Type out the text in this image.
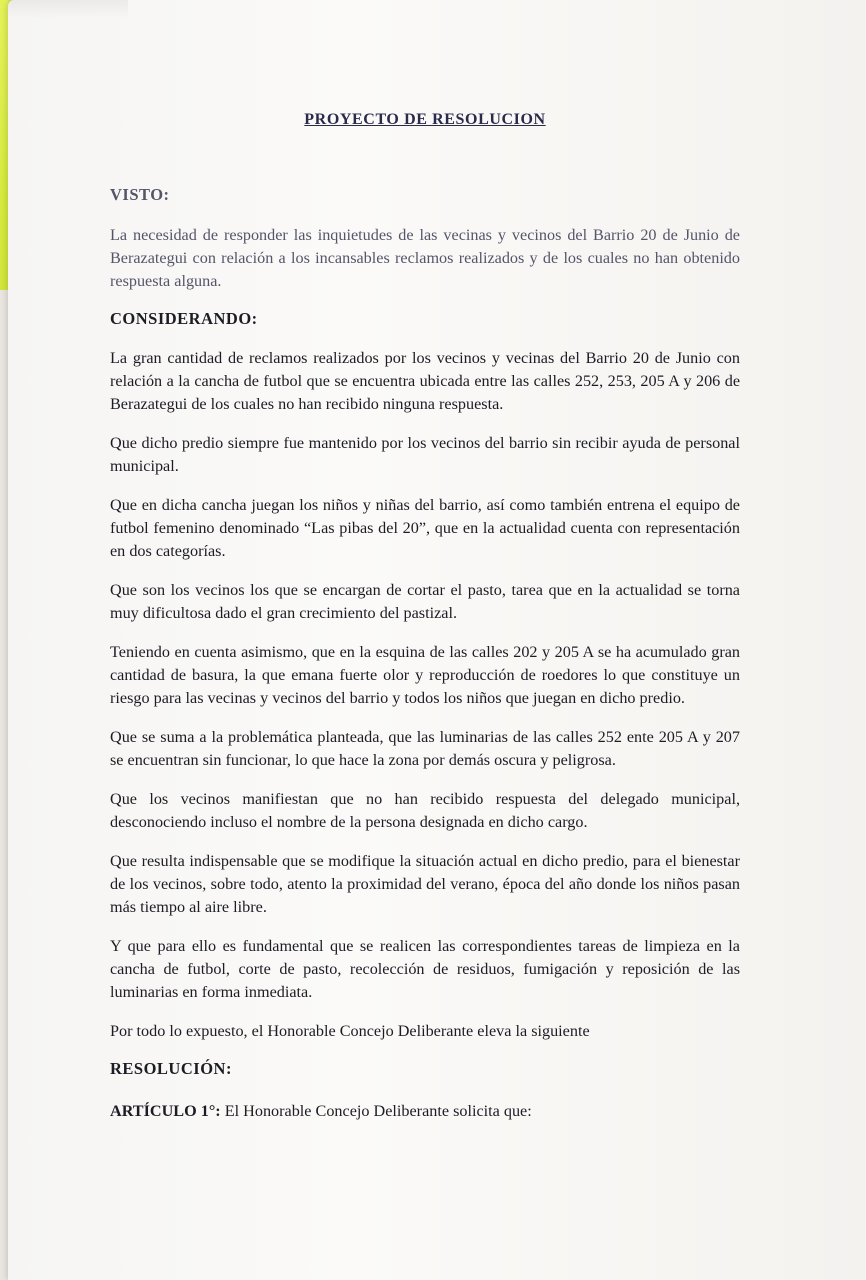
PROYECTO DE RESOLUCION
VISTO:

La necesidad de responder las inquietudes de las vecinas y vecinos del Barrio 20 de Junio de Berazategui con relación a los incansables reclamos realizados y de los cuales no han obtenido respuesta alguna.

CONSIDERANDO:

La gran cantidad de reclamos realizados por los vecinos y vecinas del Barrio 20 de Junio con relación a la cancha de futbol que se encuentra ubicada entre las calles 252, 253, 205 A y 206 de Berazategui de los cuales no han recibido ninguna respuesta.

Que dicho predio siempre fue mantenido por los vecinos del barrio sin recibir ayuda de personal municipal.

Que en dicha cancha juegan los niños y niñas del barrio, así como también entrena el equipo de futbol femenino denominado “Las pibas del 20”, que en la actualidad cuenta con representación en dos categorías.

Que son los vecinos los que se encargan de cortar el pasto, tarea que en la actualidad se torna muy dificultosa dado el gran crecimiento del pastizal.

Teniendo en cuenta asimismo, que en la esquina de las calles 202 y 205 A se ha acumulado gran cantidad de basura, la que emana fuerte olor y reproducción de roedores lo que constituye un riesgo para las vecinas y vecinos del barrio y todos los niños que juegan en dicho predio.

Que se suma a la problemática planteada, que las luminarias de las calles 252 ente 205 A y 207 se encuentran sin funcionar, lo que hace la zona por demás oscura y peligrosa.

Que los vecinos manifiestan que no han recibido respuesta del delegado municipal, desconociendo incluso el nombre de la persona designada en dicho cargo.

Que resulta indispensable que se modifique la situación actual en dicho predio, para el bienestar de los vecinos, sobre todo, atento la proximidad del verano, época del año donde los niños pasan más tiempo al aire libre.

Y que para ello es fundamental que se realicen las correspondientes tareas de limpieza en la cancha de futbol, corte de pasto, recolección de residuos, fumigación y reposición de las luminarias en forma inmediata.

Por todo lo expuesto, el Honorable Concejo Deliberante eleva la siguiente

RESOLUCIÓN:

ARTÍCULO 1°: El Honorable Concejo Deliberante solicita que:
